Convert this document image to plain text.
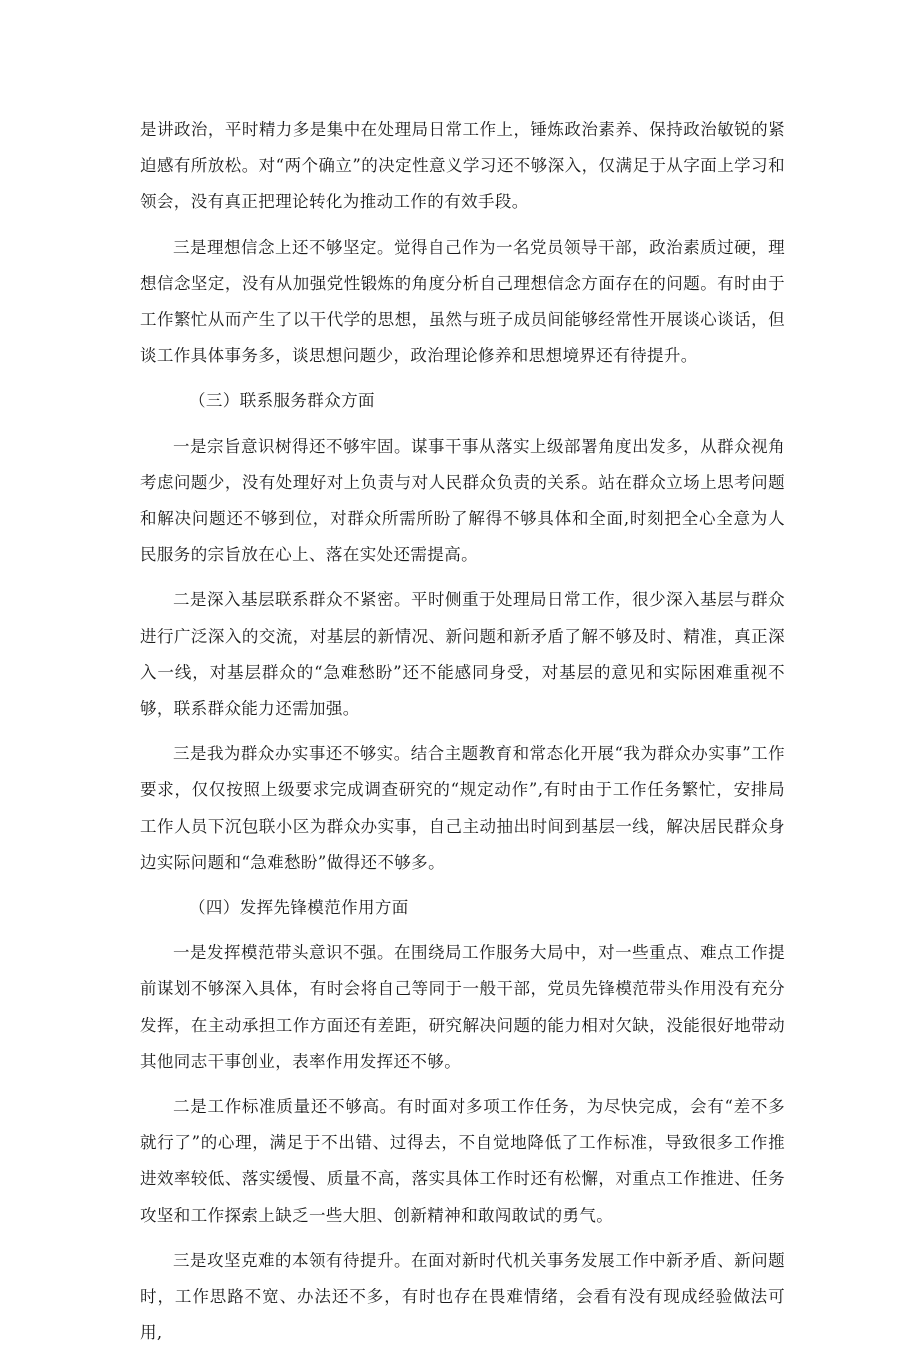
是讲政治，平时精力多是集中在处理局日常工作上，锤炼政治素养、保持政治敏锐的紧迫感有所放松。对“两个确立”的决定性意义学习还不够深入，仅满足于从字面上学习和领会，没有真正把理论转化为推动工作的有效手段。

三是理想信念上还不够坚定。觉得自己作为一名党员领导干部，政治素质过硬，理想信念坚定，没有从加强党性锻炼的角度分析自己理想信念方面存在的问题。有时由于工作繁忙从而产生了以干代学的思想，虽然与班子成员间能够经常性开展谈心谈话，但谈工作具体事务多，谈思想问题少，政治理论修养和思想境界还有待提升。

（三）联系服务群众方面

一是宗旨意识树得还不够牢固。谋事干事从落实上级部署角度出发多，从群众视角考虑问题少，没有处理好对上负责与对人民群众负责的关系。站在群众立场上思考问题和解决问题还不够到位，对群众所需所盼了解得不够具体和全面,时刻把全心全意为人民服务的宗旨放在心上、落在实处还需提高。

二是深入基层联系群众不紧密。平时侧重于处理局日常工作，很少深入基层与群众进行广泛深入的交流，对基层的新情况、新问题和新矛盾了解不够及时、精准，真正深入一线，对基层群众的“急难愁盼”还不能感同身受，对基层的意见和实际困难重视不够，联系群众能力还需加强。

三是我为群众办实事还不够实。结合主题教育和常态化开展“我为群众办实事”工作要求，仅仅按照上级要求完成调查研究的“规定动作”,有时由于工作任务繁忙，安排局工作人员下沉包联小区为群众办实事，自己主动抽出时间到基层一线，解决居民群众身边实际问题和“急难愁盼”做得还不够多。

（四）发挥先锋模范作用方面

一是发挥模范带头意识不强。在围绕局工作服务大局中，对一些重点、难点工作提前谋划不够深入具体，有时会将自己等同于一般干部，党员先锋模范带头作用没有充分发挥，在主动承担工作方面还有差距，研究解决问题的能力相对欠缺，没能很好地带动其他同志干事创业，表率作用发挥还不够。

二是工作标准质量还不够高。有时面对多项工作任务，为尽快完成，会有“差不多就行了”的心理，满足于不出错、过得去，不自觉地降低了工作标准，导致很多工作推进效率较低、落实缓慢、质量不高，落实具体工作时还有松懈，对重点工作推进、任务攻坚和工作探索上缺乏一些大胆、创新精神和敢闯敢试的勇气。

三是攻坚克难的本领有待提升。在面对新时代机关事务发展工作中新矛盾、新问题时，工作思路不宽、办法还不多，有时也存在畏难情绪，会看有没有现成经验做法可用,
